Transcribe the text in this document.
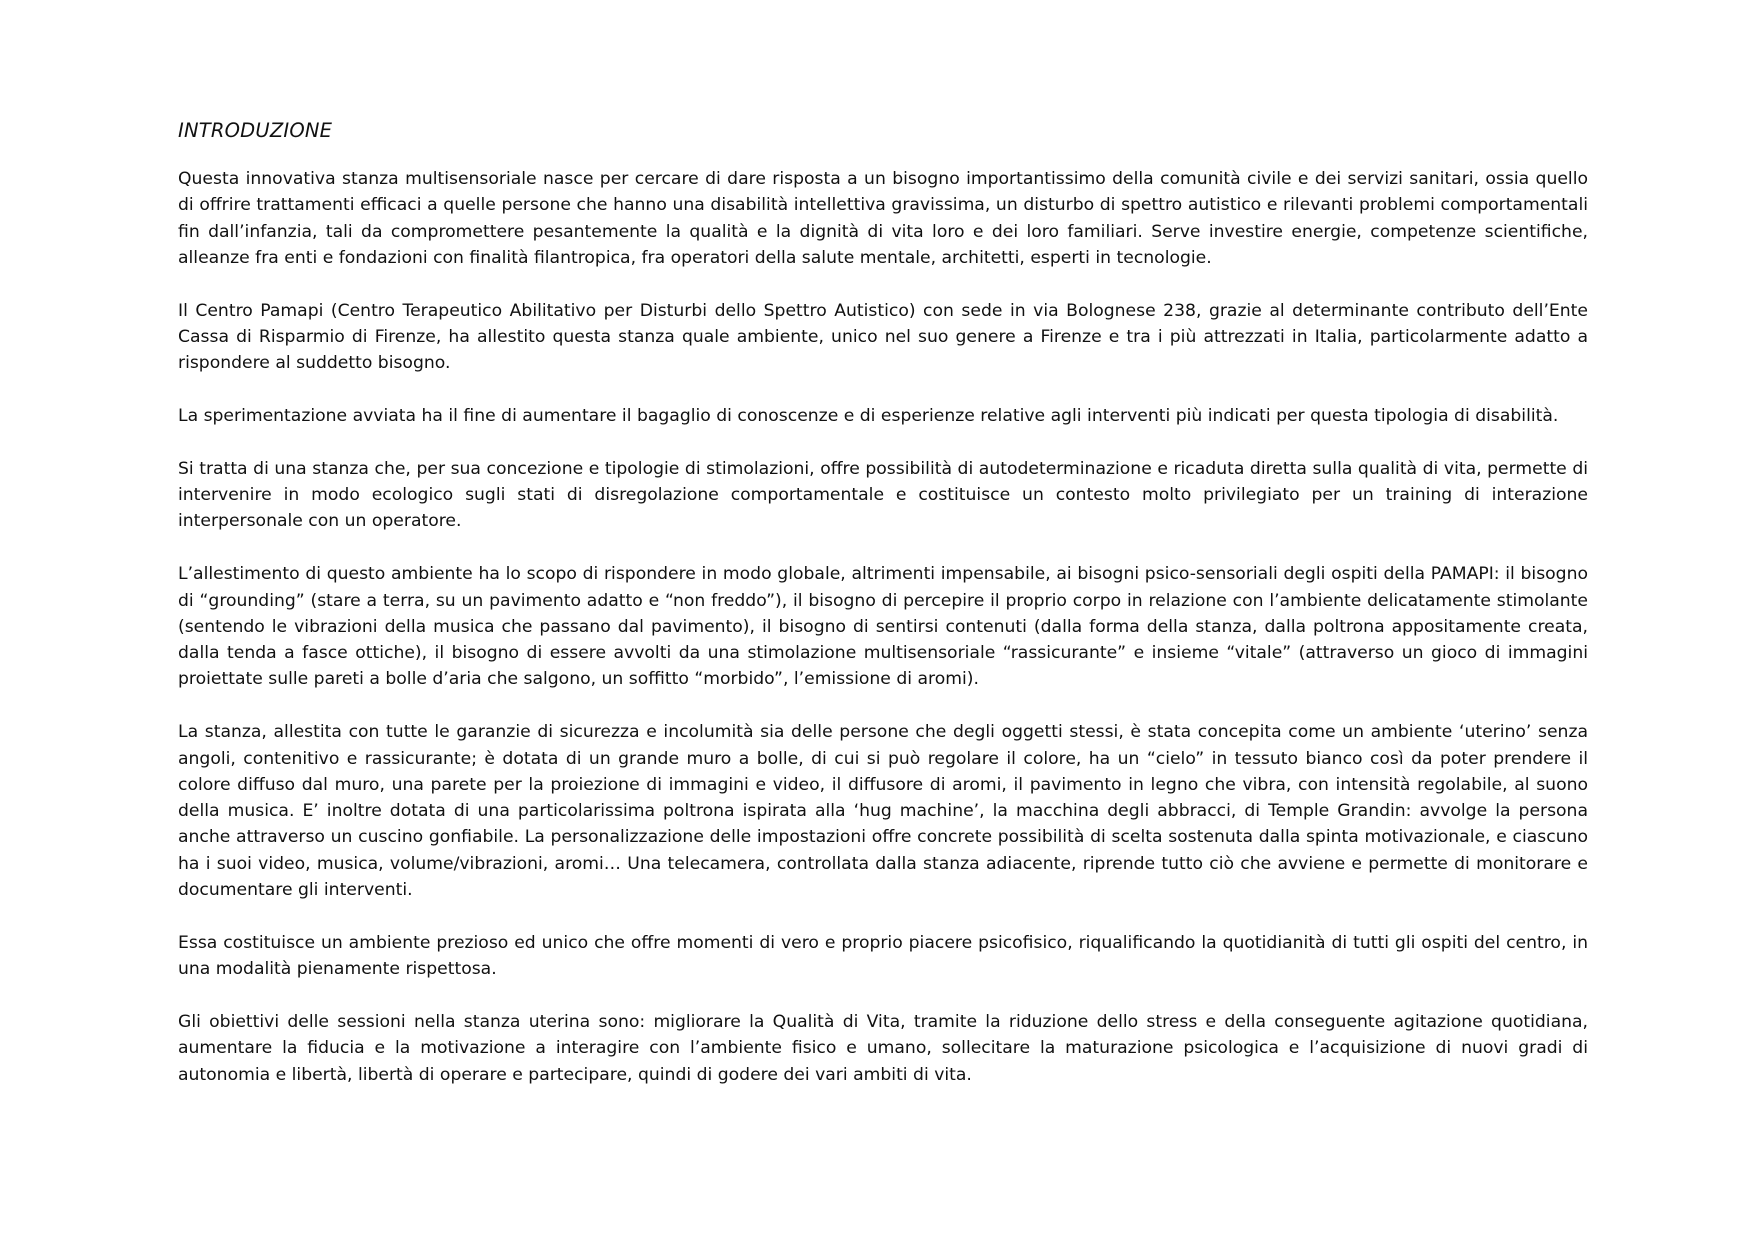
INTRODUZIONE

Questa innovativa stanza multisensoriale nasce per cercare di dare risposta a un bisogno importantissimo della comunità civile e dei servizi sanitari, ossia quello di offrire trattamenti efficaci a quelle persone che hanno una disabilità intellettiva gravissima, un disturbo di spettro autistico e rilevanti problemi comportamentali fin dall’infanzia, tali da compromettere pesantemente la qualità e la dignità di vita loro e dei loro familiari. Serve investire energie, competenze scientifiche, alleanze fra enti e fondazioni con finalità filantropica, fra operatori della salute mentale, architetti, esperti in tecnologie.

Il Centro Pamapi (Centro Terapeutico Abilitativo per Disturbi dello Spettro Autistico) con sede in via Bolognese 238, grazie al determinante contributo dell’Ente Cassa di Risparmio di Firenze, ha allestito questa stanza quale ambiente, unico nel suo genere a Firenze e tra i più attrezzati in Italia, particolarmente adatto a rispondere al suddetto bisogno.

La sperimentazione avviata ha il fine di aumentare il bagaglio di conoscenze e di esperienze relative agli interventi più indicati per questa tipologia di disabilità.

Si tratta di una stanza che, per sua concezione e tipologie di stimolazioni, offre possibilità di autodeterminazione e ricaduta diretta sulla qualità di vita, permette di intervenire in modo ecologico sugli stati di disregolazione comportamentale e costituisce un contesto molto privilegiato per un training di interazione interpersonale con un operatore.

L’allestimento di questo ambiente ha lo scopo di rispondere in modo globale, altrimenti impensabile, ai bisogni psico-sensoriali degli ospiti della PAMAPI: il bisogno di “grounding” (stare a terra, su un pavimento adatto e “non freddo”), il bisogno di percepire il proprio corpo in relazione con l’ambiente delicatamente stimolante (sentendo le vibrazioni della musica che passano dal pavimento), il bisogno di sentirsi contenuti (dalla forma della stanza, dalla poltrona appositamente creata, dalla tenda a fasce ottiche), il bisogno di essere avvolti da una stimolazione multisensoriale “rassicurante” e insieme “vitale” (attraverso un gioco di immagini proiettate sulle pareti a bolle d’aria che salgono, un soffitto “morbido”, l’emissione di aromi).

La stanza, allestita con tutte le garanzie di sicurezza e incolumità sia delle persone che degli oggetti stessi, è stata concepita come un ambiente ‘uterino’ senza angoli, contenitivo e rassicurante; è dotata di un grande muro a bolle, di cui si può regolare il colore, ha un “cielo” in tessuto bianco così da poter prendere il colore diffuso dal muro, una parete per la proiezione di immagini e video, il diffusore di aromi, il pavimento in legno che vibra, con intensità regolabile, al suono della musica. E’ inoltre dotata di una particolarissima poltrona ispirata alla ‘hug machine’, la macchina degli abbracci, di Temple Grandin: avvolge la persona anche attraverso un cuscino gonfiabile. La personalizzazione delle impostazioni offre concrete possibilità di scelta sostenuta dalla spinta motivazionale, e ciascuno ha i suoi video, musica, volume/vibrazioni, aromi… Una telecamera, controllata dalla stanza adiacente, riprende tutto ciò che avviene e permette di monitorare e documentare gli interventi.

Essa costituisce un ambiente prezioso ed unico che offre momenti di vero e proprio piacere psicofisico, riqualificando la quotidianità di tutti gli ospiti del centro, in una modalità pienamente rispettosa.

Gli obiettivi delle sessioni nella stanza uterina sono: migliorare la Qualità di Vita, tramite la riduzione dello stress e della conseguente agitazione quotidiana, aumentare la fiducia e la motivazione a interagire con l’ambiente fisico e umano, sollecitare la maturazione psicologica e l’acquisizione di nuovi gradi di autonomia e libertà, libertà di operare e partecipare, quindi di godere dei vari ambiti di vita.
